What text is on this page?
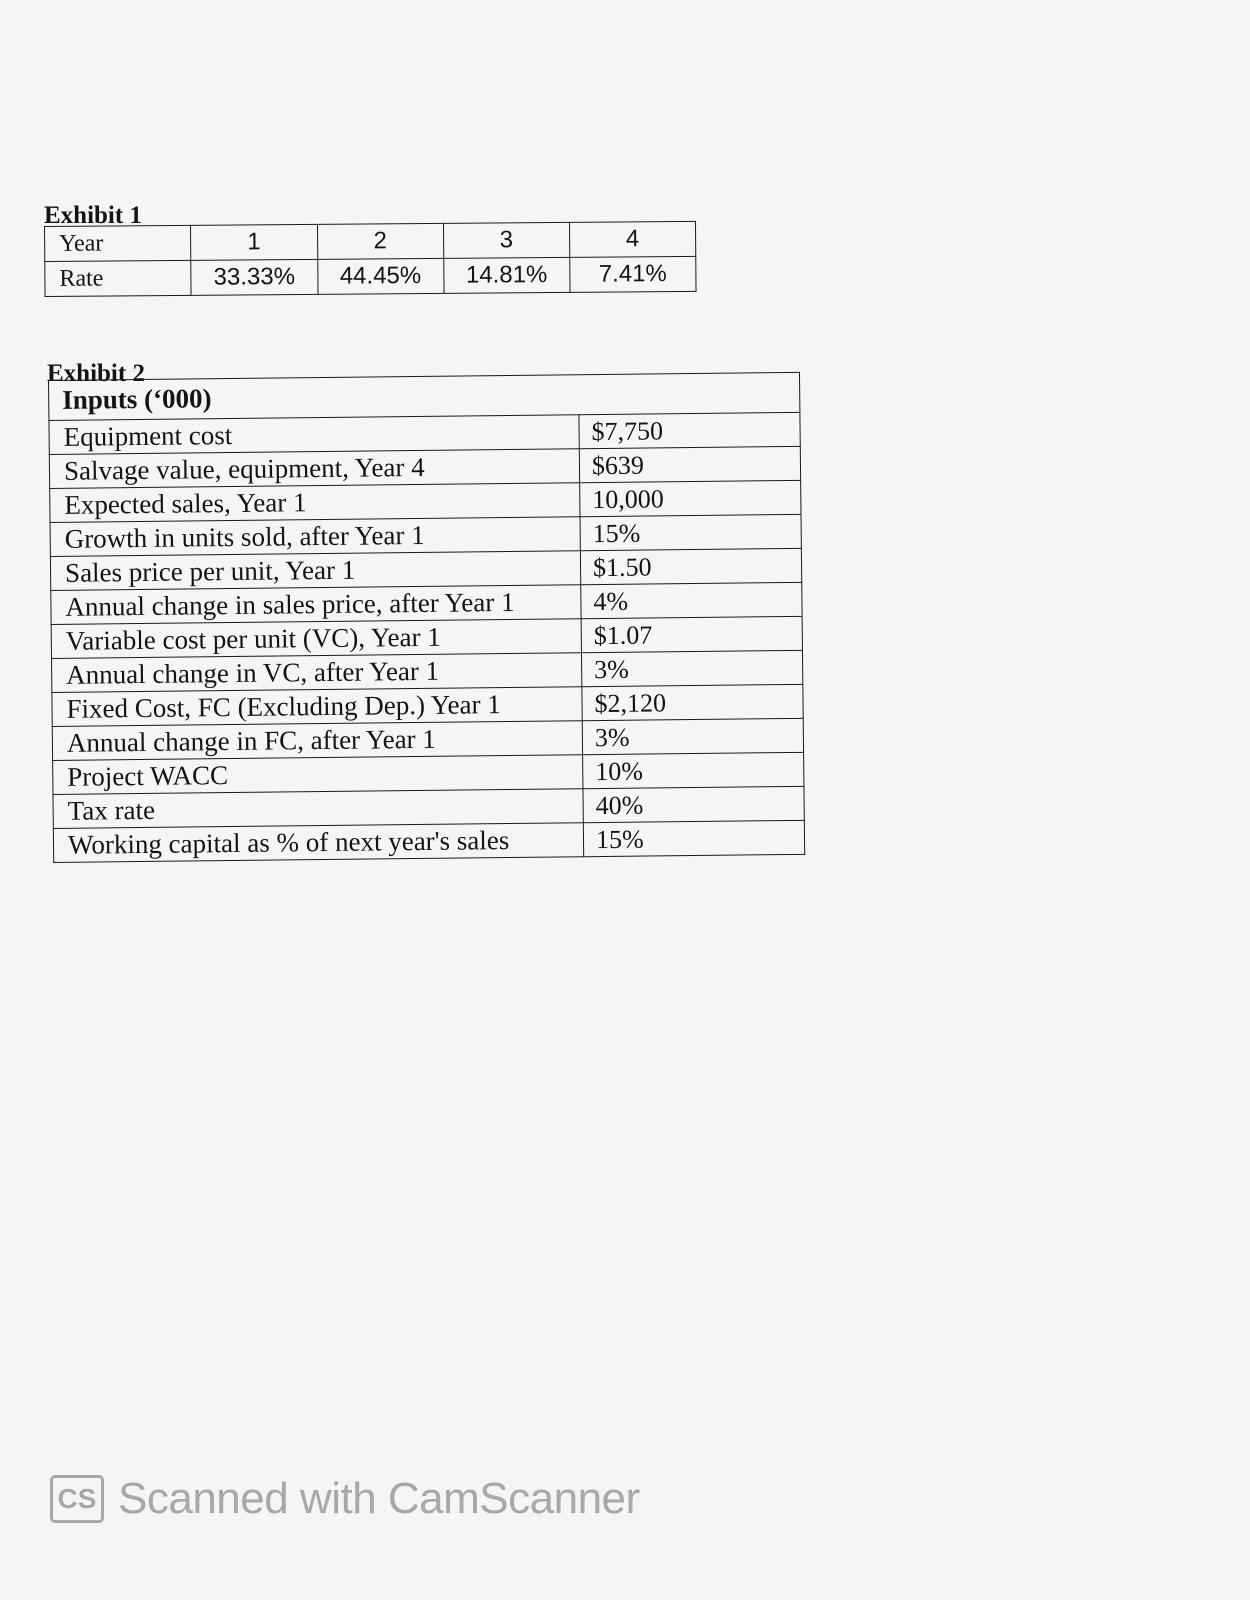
Exhibit 1
Year	1	2	3	4
Rate	33.33%	44.45%	14.81%	7.41%
Exhibit 2
Inputs (‘000)	
Equipment cost	$7,750
Salvage value, equipment, Year 4	$639
Expected sales, Year 1	10,000
Growth in units sold, after Year 1	15%
Sales price per unit, Year 1	$1.50
Annual change in sales price, after Year 1	4%
Variable cost per unit (VC), Year 1	$1.07
Annual change in VC, after Year 1	3%
Fixed Cost, FC (Excluding Dep.) Year 1	$2,120
Annual change in FC, after Year 1	3%
Project WACC	10%
Tax rate	40%
Working capital as % of next year's sales	15%
CS Scanned with CamScanner
